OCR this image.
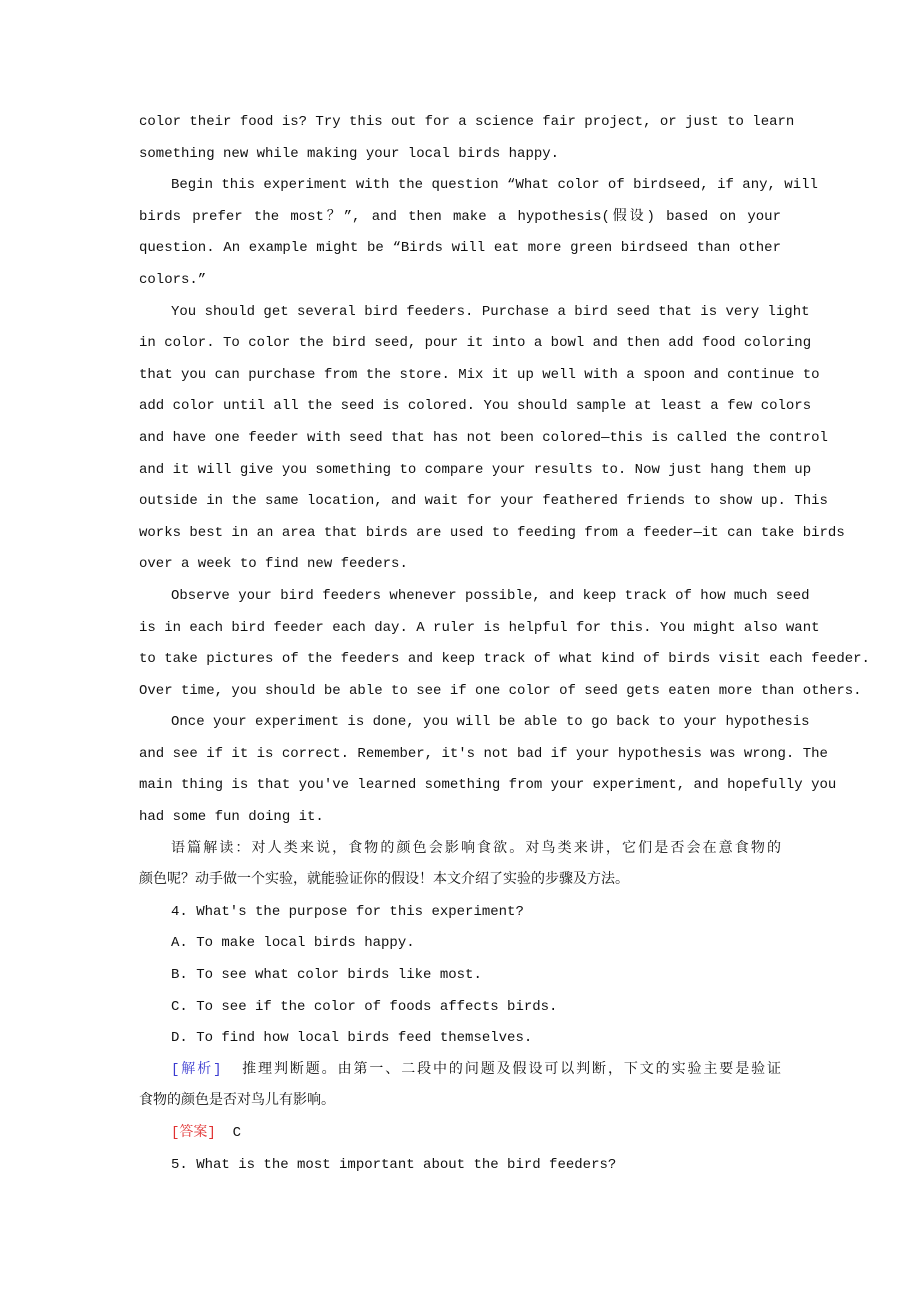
color their food is? Try this out for a science fair project, or just to learn
something new while making your local birds happy.
Begin this experiment with the question “What color of birdseed, if any, will
birds prefer the most？”, and then make a hypothesis(假设) based on your
question. An example might be “Birds will eat more green birdseed than other
colors.”
You should get several bird feeders. Purchase a bird seed that is very light
in color. To color the bird seed, pour it into a bowl and then add food coloring
that you can purchase from the store. Mix it up well with a spoon and continue to
add color until all the seed is colored. You should sample at least a few colors
and have one feeder with seed that has not been colored—this is called the control
and it will give you something to compare your results to. Now just hang them up
outside in the same location, and wait for your feathered friends to show up. This
works best in an area that birds are used to feeding from a feeder—it can take birds
over a week to find new feeders.
Observe your bird feeders whenever possible, and keep track of how much seed
is in each bird feeder each day. A ruler is helpful for this. You might also want
to take pictures of the feeders and keep track of what kind of birds visit each feeder.
Over time, you should be able to see if one color of seed gets eaten more than others.
Once your experiment is done, you will be able to go back to your hypothesis
and see if it is correct. Remember, it's not bad if your hypothesis was wrong. The
main thing is that you've learned something from your experiment, and hopefully you
had some fun doing it.
语篇解读：对人类来说，食物的颜色会影响食欲。对鸟类来讲，它们是否会在意食物的
颜色呢？动手做一个实验，就能验证你的假设！本文介绍了实验的步骤及方法。
4. What's the purpose for this experiment?
A. To make local birds happy.
B. To see what color birds like most.
C. To see if the color of foods affects birds.
D. To find how local birds feed themselves.
[解析] 推理判断题。由第一、二段中的问题及假设可以判断，下文的实验主要是验证
食物的颜色是否对鸟儿有影响。
[答案] C
5. What is the most important about the bird feeders?
